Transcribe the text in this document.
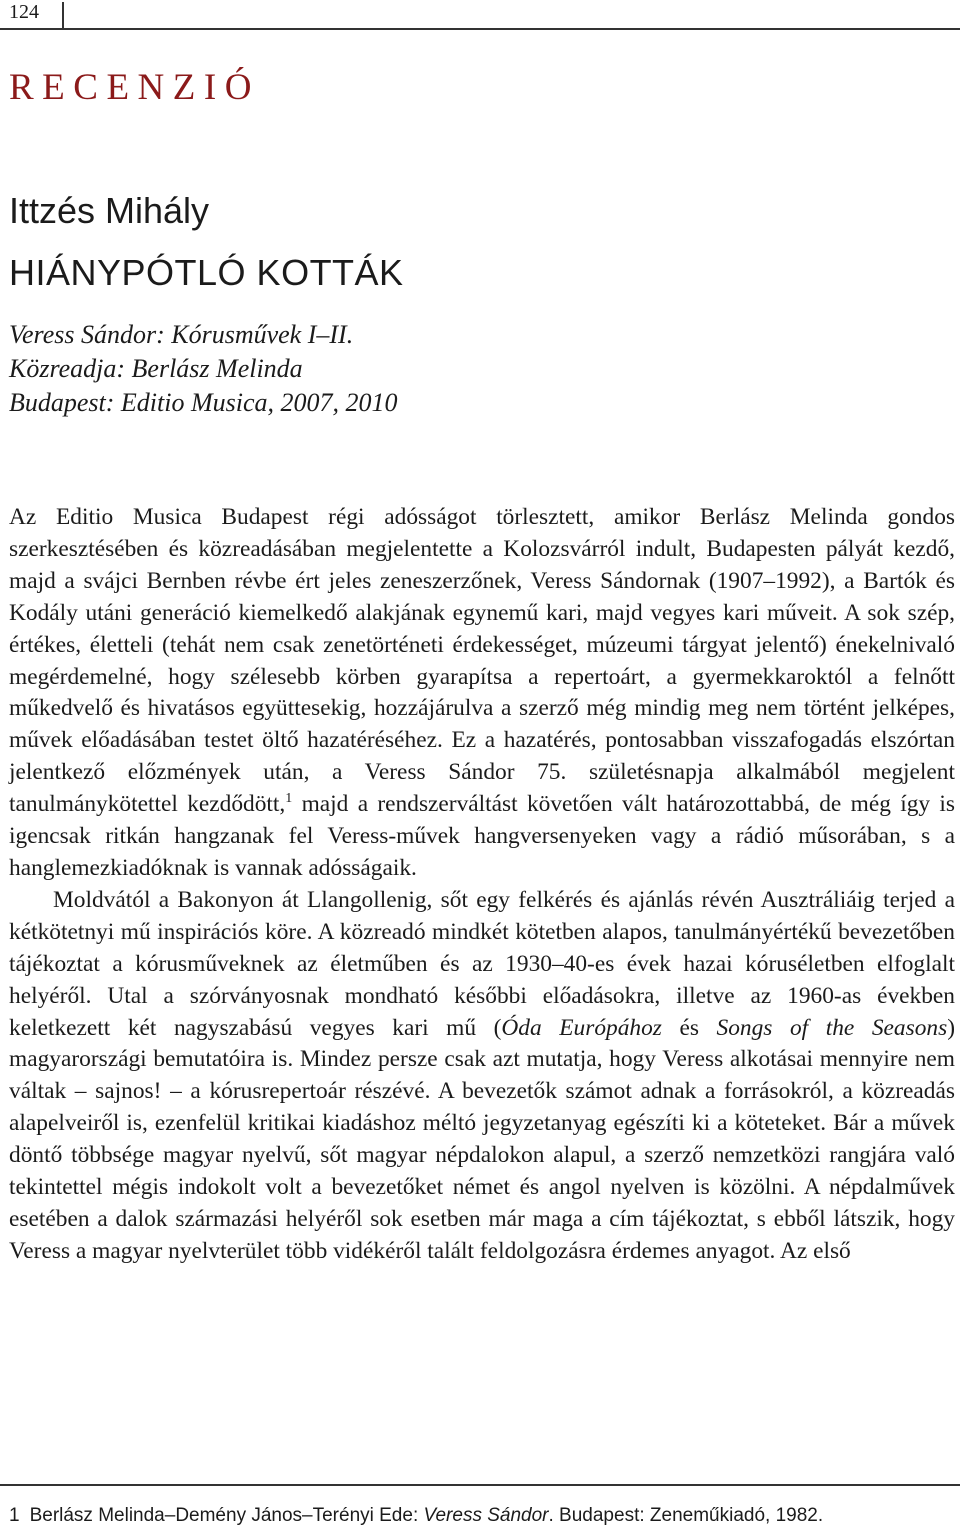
124
RECENZIÓ
Ittzés Mihály
HIÁNYPÓTLÓ KOTTÁK
Veress Sándor: Kórusművek I–II.
Közreadja: Berlász Melinda
Budapest: Editio Musica, 2007, 2010

Az Editio Musica Budapest régi adósságot törlesztett, amikor Berlász Melinda gondos szerkesztésében és közreadásában megjelentette a Kolozsvárról indult, Budapesten pályát kezdő, majd a svájci Bernben révbe ért jeles zeneszerzőnek, Veress Sándornak (1907–1992), a Bartók és Kodály utáni generáció kiemelkedő alakjának egynemű kari, majd vegyes kari műveit. A sok szép, értékes, életteli (tehát nem csak zenetörténeti érdekességet, múzeumi tárgyat jelentő) énekelnivaló megérdemelné, hogy szélesebb körben gyarapítsa a repertoárt, a gyermekkaroktól a felnőtt műkedvelő és hivatásos együttesekig, hozzájárulva a szerző még mindig meg nem történt jelképes, művek előadásában testet öltő hazatéréséhez. Ez a hazatérés, pontosabban visszafogadás elszórtan jelentkező előzmények után, a Veress Sándor 75. születésnapja alkalmából megjelent tanulmánykötettel kezdődött,$^1$ majd a rendszerváltást követően vált határozottabbá, de még így is igencsak ritkán hangzanak fel Veress-művek hangversenyeken vagy a rádió műsorában, s a hanglemezkiadóknak is vannak adósságaik.

Moldvától a Bakonyon át Llangollenig, sőt egy felkérés és ajánlás révén Ausztráliáig terjed a kétkötetnyi mű inspirációs köre. A közreadó mindkét kötetben alapos, tanulmányértékű bevezetőben tájékoztat a kórusműveknek az életműben és az 1930–40-es évek hazai kóruséletben elfoglalt helyéről. Utal a szórványosnak mondható későbbi előadásokra, illetve az 1960-as években keletkezett két nagyszabású vegyes kari mű (Óda Európához és Songs of the Seasons) magyarországi bemutatóira is. Mindez persze csak azt mutatja, hogy Veress alkotásai mennyire nem váltak – sajnos! – a kórusrepertoár részévé. A bevezetők számot adnak a forrásokról, a közreadás alapelveiről is, ezenfelül kritikai kiadáshoz méltó jegyzetanyag egészíti ki a köteteket. Bár a művek döntő többsége magyar nyelvű, sőt magyar népdalokon alapul, a szerző nemzetközi rangjára való tekintettel mégis indokolt volt a bevezetőket német és angol nyelven is közölni. A népdalművek esetében a dalok származási helyéről sok esetben már maga a cím tájékoztat, s ebből látszik, hogy Veress a magyar nyelvterület több vidékéről talált feldolgozásra érdemes anyagot. Az első

1 Berlász Melinda–Demény János–Terényi Ede: Veress Sándor. Budapest: Zeneműkiadó, 1982.
